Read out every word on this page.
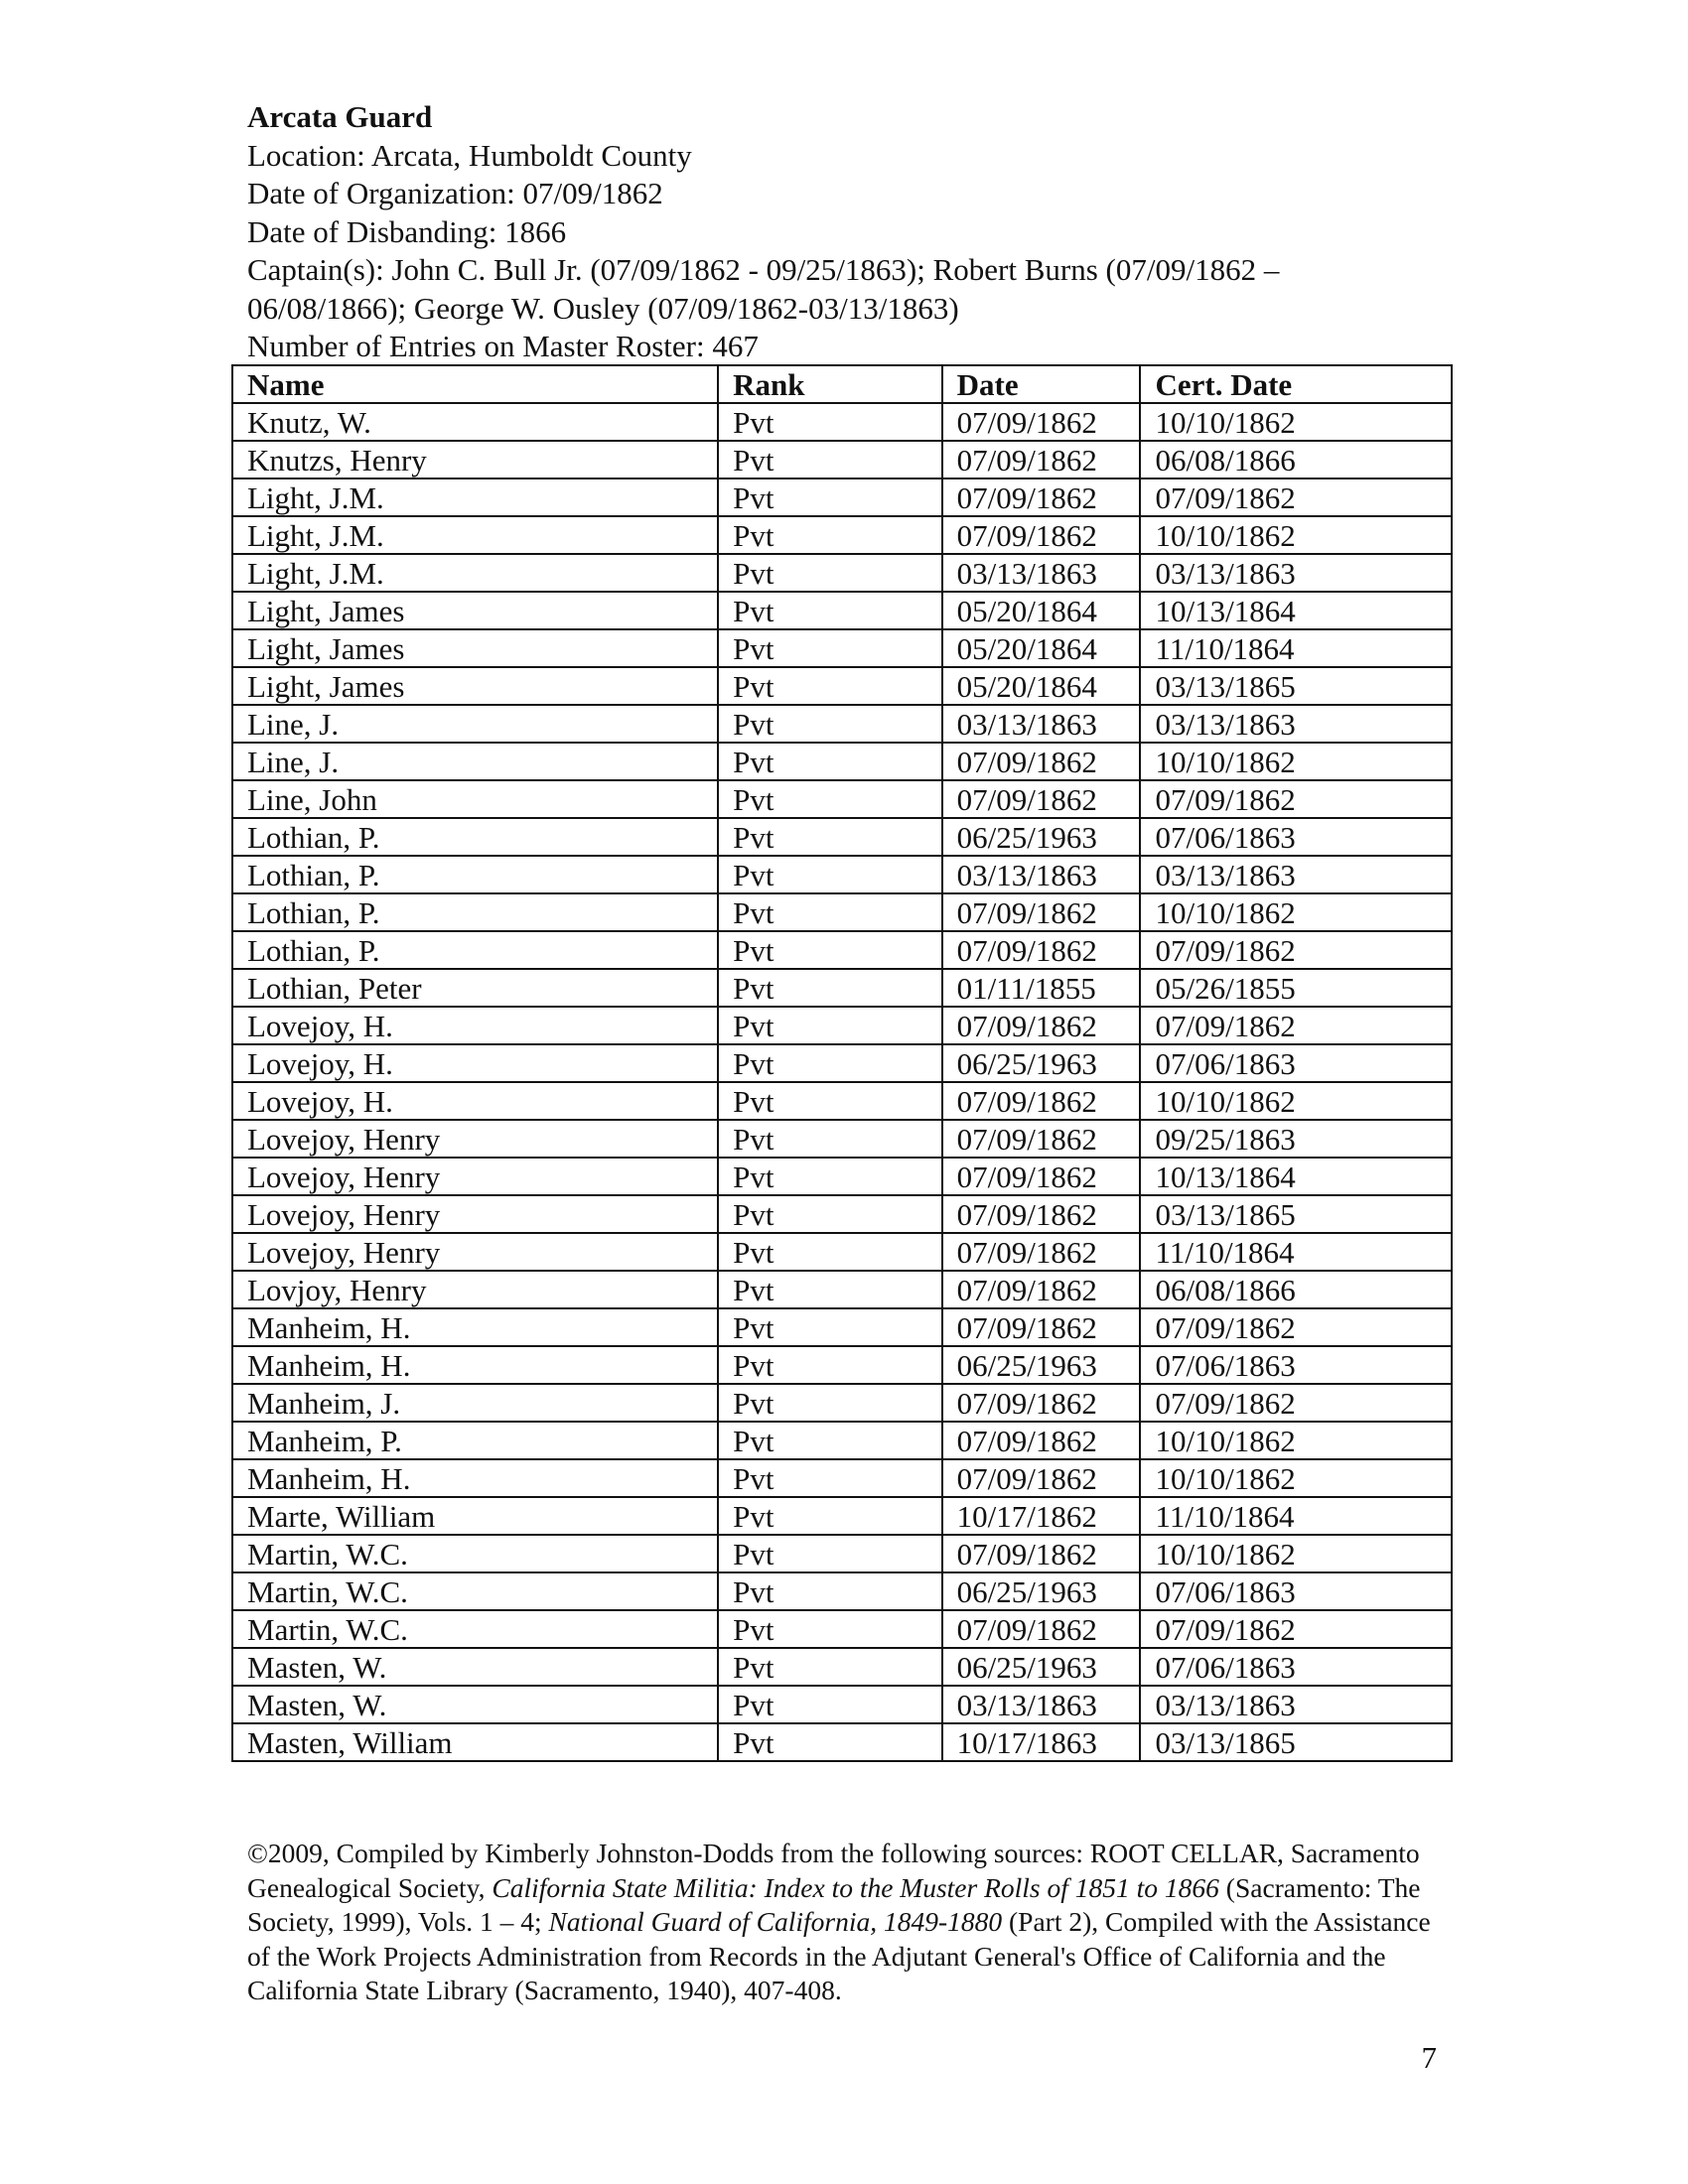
Arcata Guard
Location: Arcata, Humboldt County
Date of Organization: 07/09/1862
Date of Disbanding: 1866
Captain(s): John C. Bull Jr. (07/09/1862 - 09/25/1863); Robert Burns (07/09/1862 –
06/08/1866); George W. Ousley (07/09/1862-03/13/1863)
Number of Entries on Master Roster: 467
Name	Rank	Date	Cert. Date
Knutz, W.	Pvt	07/09/1862	10/10/1862
Knutzs, Henry	Pvt	07/09/1862	06/08/1866
Light, J.M.	Pvt	07/09/1862	07/09/1862
Light, J.M.	Pvt	07/09/1862	10/10/1862
Light, J.M.	Pvt	03/13/1863	03/13/1863
Light, James	Pvt	05/20/1864	10/13/1864
Light, James	Pvt	05/20/1864	11/10/1864
Light, James	Pvt	05/20/1864	03/13/1865
Line, J.	Pvt	03/13/1863	03/13/1863
Line, J.	Pvt	07/09/1862	10/10/1862
Line, John	Pvt	07/09/1862	07/09/1862
Lothian, P.	Pvt	06/25/1963	07/06/1863
Lothian, P.	Pvt	03/13/1863	03/13/1863
Lothian, P.	Pvt	07/09/1862	10/10/1862
Lothian, P.	Pvt	07/09/1862	07/09/1862
Lothian, Peter	Pvt	01/11/1855	05/26/1855
Lovejoy, H.	Pvt	07/09/1862	07/09/1862
Lovejoy, H.	Pvt	06/25/1963	07/06/1863
Lovejoy, H.	Pvt	07/09/1862	10/10/1862
Lovejoy, Henry	Pvt	07/09/1862	09/25/1863
Lovejoy, Henry	Pvt	07/09/1862	10/13/1864
Lovejoy, Henry	Pvt	07/09/1862	03/13/1865
Lovejoy, Henry	Pvt	07/09/1862	11/10/1864
Lovjoy, Henry	Pvt	07/09/1862	06/08/1866
Manheim, H.	Pvt	07/09/1862	07/09/1862
Manheim, H.	Pvt	06/25/1963	07/06/1863
Manheim, J.	Pvt	07/09/1862	07/09/1862
Manheim, P.	Pvt	07/09/1862	10/10/1862
Manheim, H.	Pvt	07/09/1862	10/10/1862
Marte, William	Pvt	10/17/1862	11/10/1864
Martin, W.C.	Pvt	07/09/1862	10/10/1862
Martin, W.C.	Pvt	06/25/1963	07/06/1863
Martin, W.C.	Pvt	07/09/1862	07/09/1862
Masten, W.	Pvt	06/25/1963	07/06/1863
Masten, W.	Pvt	03/13/1863	03/13/1863
Masten, William	Pvt	10/17/1863	03/13/1865
©2009, Compiled by Kimberly Johnston-Dodds from the following sources: ROOT CELLAR, Sacramento Genealogical Society, California State Militia: Index to the Muster Rolls of 1851 to 1866 (Sacramento: The Society, 1999), Vols. 1 – 4; National Guard of California, 1849-1880 (Part 2), Compiled with the Assistance of the Work Projects Administration from Records in the Adjutant General's Office of California and the California State Library (Sacramento, 1940), 407-408.
7
